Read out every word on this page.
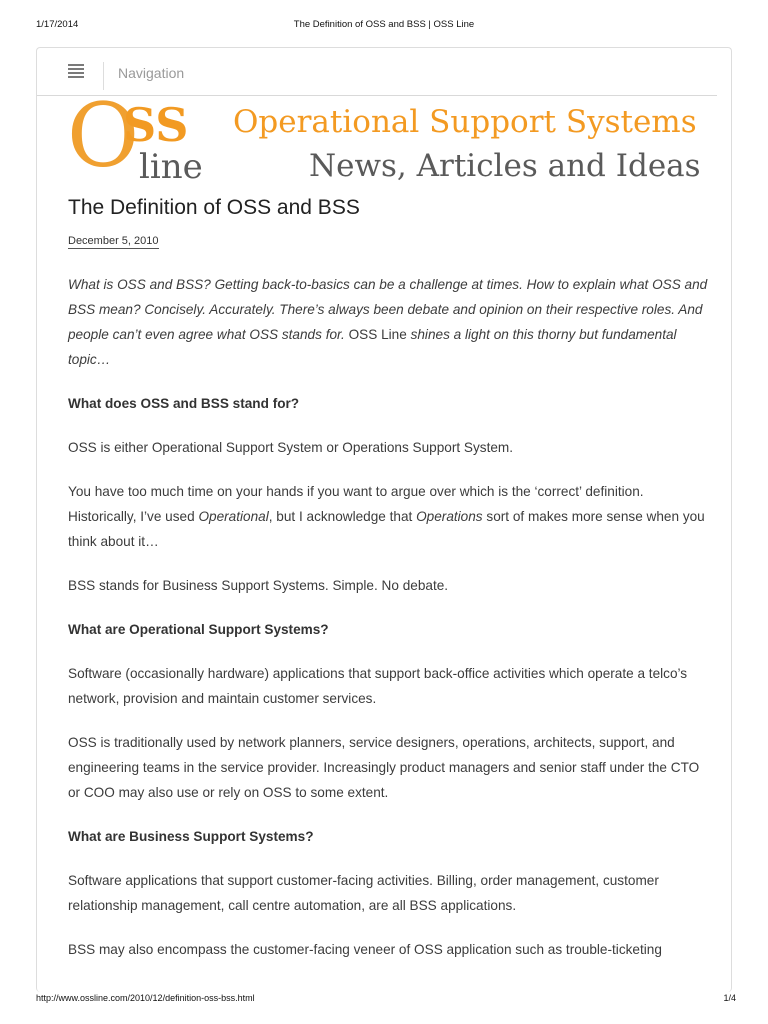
The Definition of OSS and BSS | OSS Line
1/17/2014
Navigation
O
SS
line
Operational Support Systems
News, Articles and Ideas
The Definition of OSS and BSS
December 5, 2010

What is OSS and BSS? Getting back-to-basics can be a challenge at times. How to explain what OSS and BSS mean? Concisely. Accurately. There’s always been debate and opinion on their respective roles. And people can’t even agree what OSS stands for. OSS Line shines a light on this thorny but fundamental topic…

What does OSS and BSS stand for?

OSS is either Operational Support System or Operations Support System.

You have too much time on your hands if you want to argue over which is the ‘correct’ definition. Historically, I’ve used Operational, but I acknowledge that Operations sort of makes more sense when you think about it…

BSS stands for Business Support Systems. Simple. No debate.

What are Operational Support Systems?

Software (occasionally hardware) applications that support back-office activities which operate a telco’s network, provision and maintain customer services.

OSS is traditionally used by network planners, service designers, operations, architects, support, and engineering teams in the service provider. Increasingly product managers and senior staff under the CTO or COO may also use or rely on OSS to some extent.

What are Business Support Systems?

Software applications that support customer-facing activities. Billing, order management, customer relationship management, call centre automation, are all BSS applications.

BSS may also encompass the customer-facing veneer of OSS application such as trouble-ticketing

http://www.ossline.com/2010/12/definition-oss-bss.html	1/4
